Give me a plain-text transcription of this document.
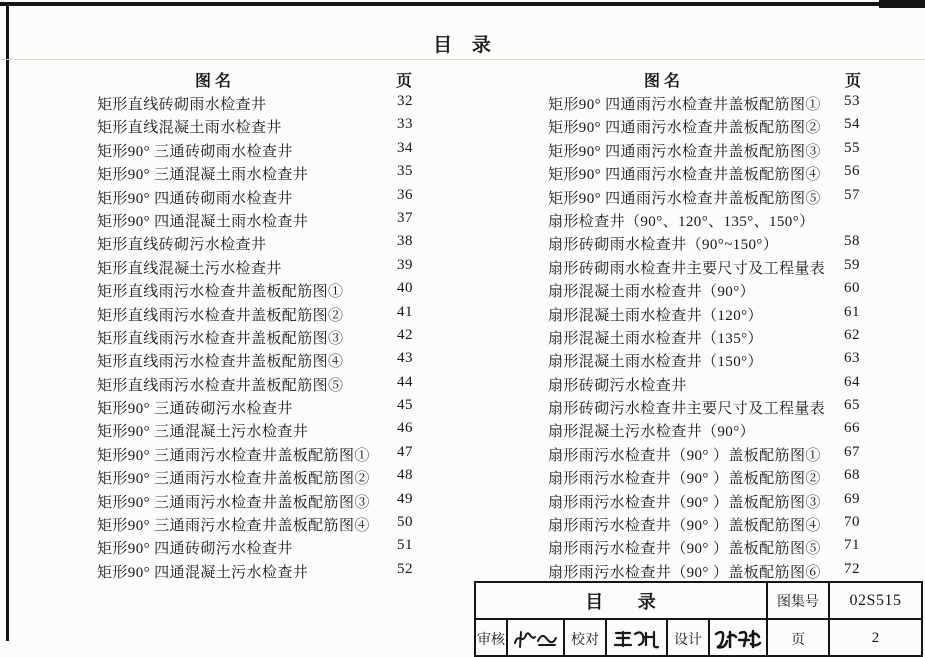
目 录
图 名	页	图 名	页
矩形直线砖砌雨水检查井	32
矩形直线混凝土雨水检查井	33
矩形90° 三通砖砌雨水检查井	34
矩形90° 三通混凝土雨水检查井	35
矩形90° 四通砖砌雨水检查井	36
矩形90° 四通混凝土雨水检查井	37
矩形直线砖砌污水检查井	38
矩形直线混凝土污水检查井	39
矩形直线雨污水检查井盖板配筋图①	40
矩形直线雨污水检查井盖板配筋图②	41
矩形直线雨污水检查井盖板配筋图③	42
矩形直线雨污水检查井盖板配筋图④	43
矩形直线雨污水检查井盖板配筋图⑤	44
矩形90° 三通砖砌污水检查井	45
矩形90° 三通混凝土污水检查井	46
矩形90° 三通雨污水检查井盖板配筋图① 47
矩形90° 三通雨污水检查井盖板配筋图② 48
矩形90° 三通雨污水检查井盖板配筋图③ 49
矩形90° 三通雨污水检查井盖板配筋图④ 50
矩形90° 四通砖砌污水检查井	51
矩形90° 四通混凝土污水检查井	52
矩形90° 四通雨污水检查井盖板配筋图① 53
矩形90° 四通雨污水检查井盖板配筋图② 54
矩形90° 四通雨污水检查井盖板配筋图③ 55
矩形90° 四通雨污水检查井盖板配筋图④ 56
矩形90° 四通雨污水检查井盖板配筋图⑤ 57
扇形检查井（90°、120°、135°、150°）
扇形砖砌雨水检查井（90°~150°）	58
扇形砖砌雨水检查井主要尺寸及工程量表 59
扇形混凝土雨水检查井（90°）	60
扇形混凝土雨水检查井（120°）	61
扇形混凝土雨水检查井（135°）	62
扇形混凝土雨水检查井（150°）	63
扇形砖砌污水检查井	64
扇形砖砌污水检查井主要尺寸及工程量表 65
扇形混凝土污水检查井（90°）	66
扇形雨污水检查井（90° ）盖板配筋图① 67
扇形雨污水检查井（90° ）盖板配筋图② 68
扇形雨污水检查井（90° ）盖板配筋图③ 69
扇形雨污水检查井（90° ）盖板配筋图④ 70
扇形雨污水检查井（90° ）盖板配筋图⑤ 71
扇形雨污水检查井（90° ）盖板配筋图⑥ 72
目 录	图集号	02S515
审核	校对	设计	页	2
